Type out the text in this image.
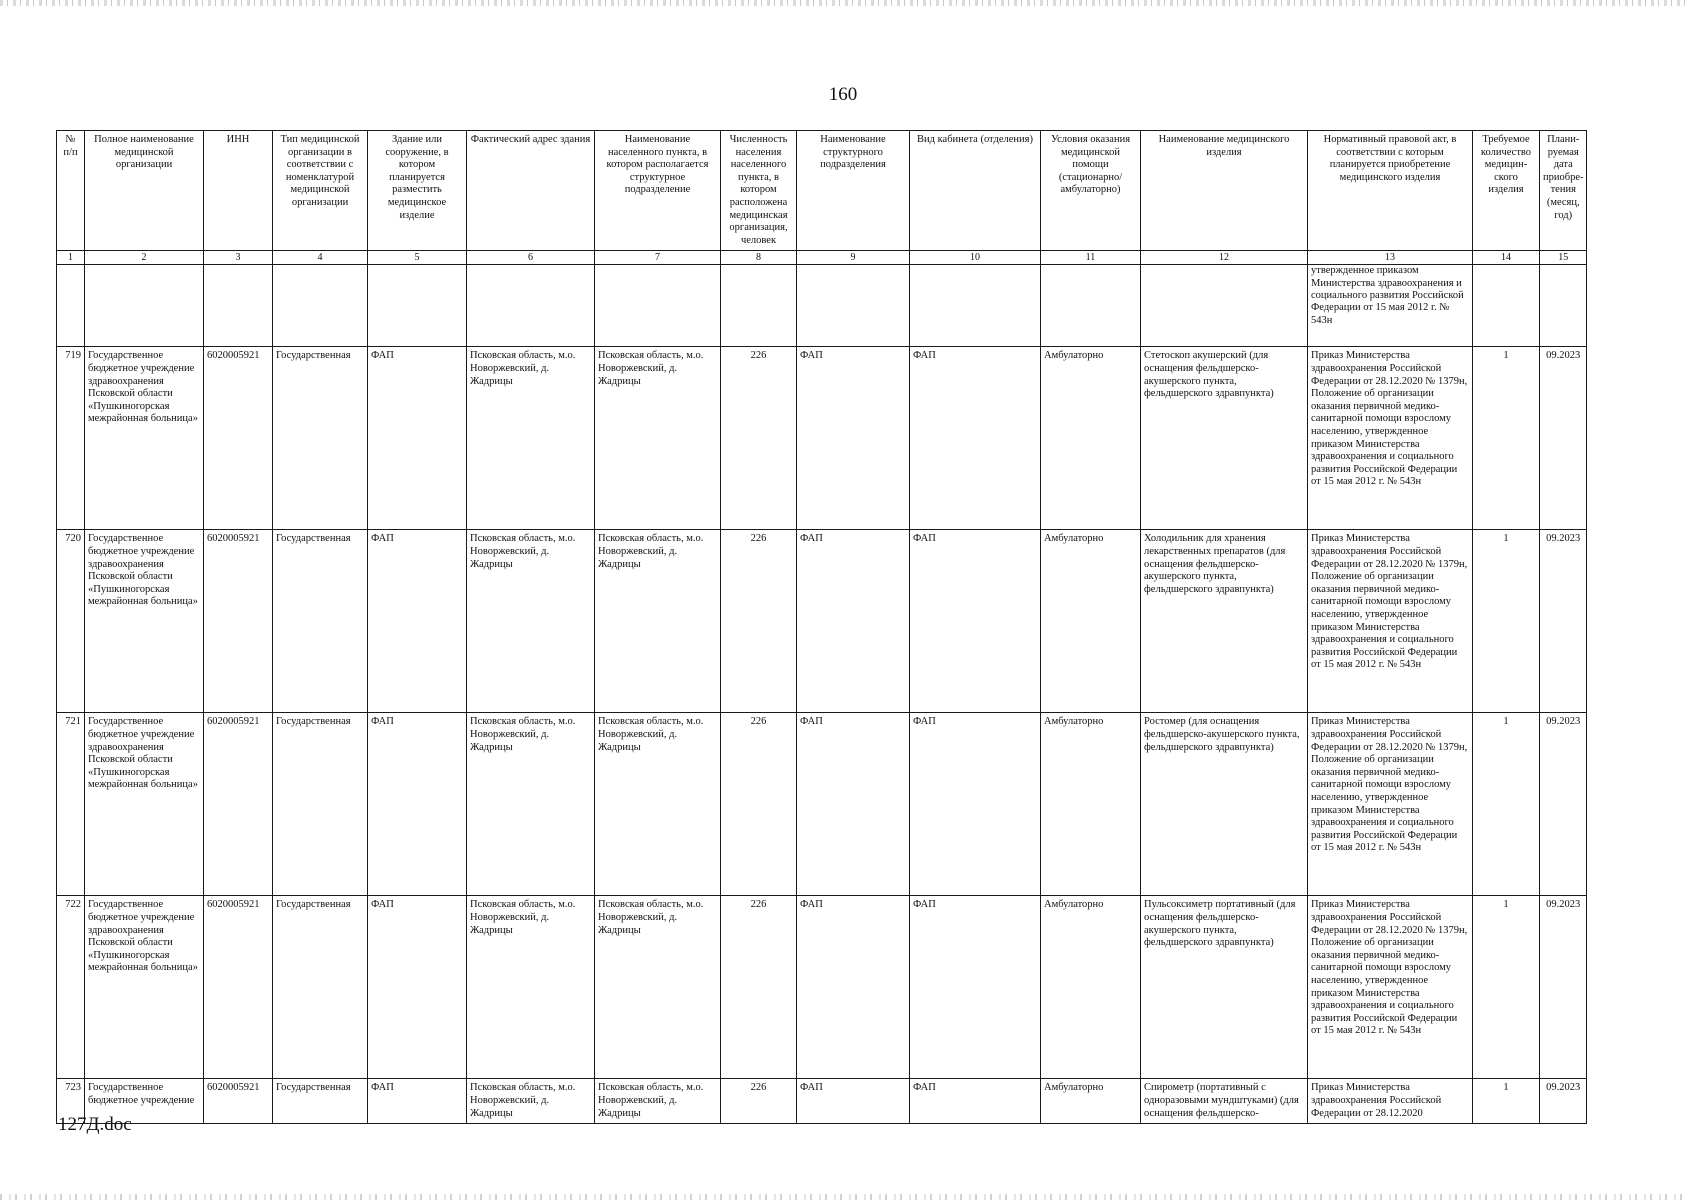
160
№ п/п	Полное наименование медицинской организации	ИНН	Тип медицинской организации в соответствии с номенклатурой медицинской организации	Здание или сооружение, в котором планируется разместить медицинское изделие	Фактический адрес здания	Наименование населенного пункта, в котором располагается структурное подразделение	Численность населения населенного пункта, в котором расположена медицинская организация, человек	Наименование структурного подразделения	Вид кабинета (отделения)	Условия оказания медицинской помощи (стационарно/ амбулаторно)	Наименование медицинского изделия	Нормативный правовой акт, в соответствии с которым планируется приобретение медицинского изделия	Требуемое количество медицин-ского изделия	Плани-руемая дата приобре-тения (месяц, год)
1	2	3	4	5	6	7	8	9	10	11	12	13	14	15

												утвержденное приказом Министерства здравоохранения и социального развития Российской Федерации от 15 мая 2012 г. № 543н		

719	Государственное бюджетное учреждение здравоохранения Псковской области «Пушкиногорская межрайонная больница»	6020005921	Государственная	ФАП	Псковская область, м.о. Новоржевский, д. Жадрицы	Псковская область, м.о. Новоржевский, д. Жадрицы	226	ФАП	ФАП	Амбулаторно	Стетоскоп акушерский (для оснащения фельдшерско-акушерского пункта, фельдшерского здравпункта)	Приказ Министерства здравоохранения Российской Федерации от 28.12.2020 № 1379н, Положение об организации оказания первичной медико-санитарной помощи взрослому населению, утвержденное приказом Министерства здравоохранения и социального развития Российской Федерации от 15 мая 2012 г. № 543н	1	09.2023
720	Государственное бюджетное учреждение здравоохранения Псковской области «Пушкиногорская межрайонная больница»	6020005921	Государственная	ФАП	Псковская область, м.о. Новоржевский, д. Жадрицы	Псковская область, м.о. Новоржевский, д. Жадрицы	226	ФАП	ФАП	Амбулаторно	Холодильник для хранения лекарственных препаратов (для оснащения фельдшерско-акушерского пункта, фельдшерского здравпункта)	Приказ Министерства здравоохранения Российской Федерации от 28.12.2020 № 1379н, Положение об организации оказания первичной медико-санитарной помощи взрослому населению, утвержденное приказом Министерства здравоохранения и социального развития Российской Федерации от 15 мая 2012 г. № 543н	1	09.2023
721	Государственное бюджетное учреждение здравоохранения Псковской области «Пушкиногорская межрайонная больница»	6020005921	Государственная	ФАП	Псковская область, м.о. Новоржевский, д. Жадрицы	Псковская область, м.о. Новоржевский, д. Жадрицы	226	ФАП	ФАП	Амбулаторно	Ростомер (для оснащения фельдшерско-акушерского пункта, фельдшерского здравпункта)	Приказ Министерства здравоохранения Российской Федерации от 28.12.2020 № 1379н, Положение об организации оказания первичной медико-санитарной помощи взрослому населению, утвержденное приказом Министерства здравоохранения и социального развития Российской Федерации от 15 мая 2012 г. № 543н	1	09.2023
722	Государственное бюджетное учреждение здравоохранения Псковской области «Пушкиногорская межрайонная больница»	6020005921	Государственная	ФАП	Псковская область, м.о. Новоржевский, д. Жадрицы	Псковская область, м.о. Новоржевский, д. Жадрицы	226	ФАП	ФАП	Амбулаторно	Пульсоксиметр портативный (для оснащения фельдшерско-акушерского пункта, фельдшерского здравпункта)	Приказ Министерства здравоохранения Российской Федерации от 28.12.2020 № 1379н, Положение об организации оказания первичной медико-санитарной помощи взрослому населению, утвержденное приказом Министерства здравоохранения и социального развития Российской Федерации от 15 мая 2012 г. № 543н	1	09.2023
723	Государственное бюджетное учреждение	6020005921	Государственная	ФАП	Псковская область, м.о. Новоржевский, д. Жадрицы	Псковская область, м.о. Новоржевский, д. Жадрицы	226	ФАП	ФАП	Амбулаторно	Спирометр (портативный с одноразовыми мундштуками) (для оснащения фельдшерско-	Приказ Министерства здравоохранения Российской Федерации от 28.12.2020	1	09.2023
127Д.doc
